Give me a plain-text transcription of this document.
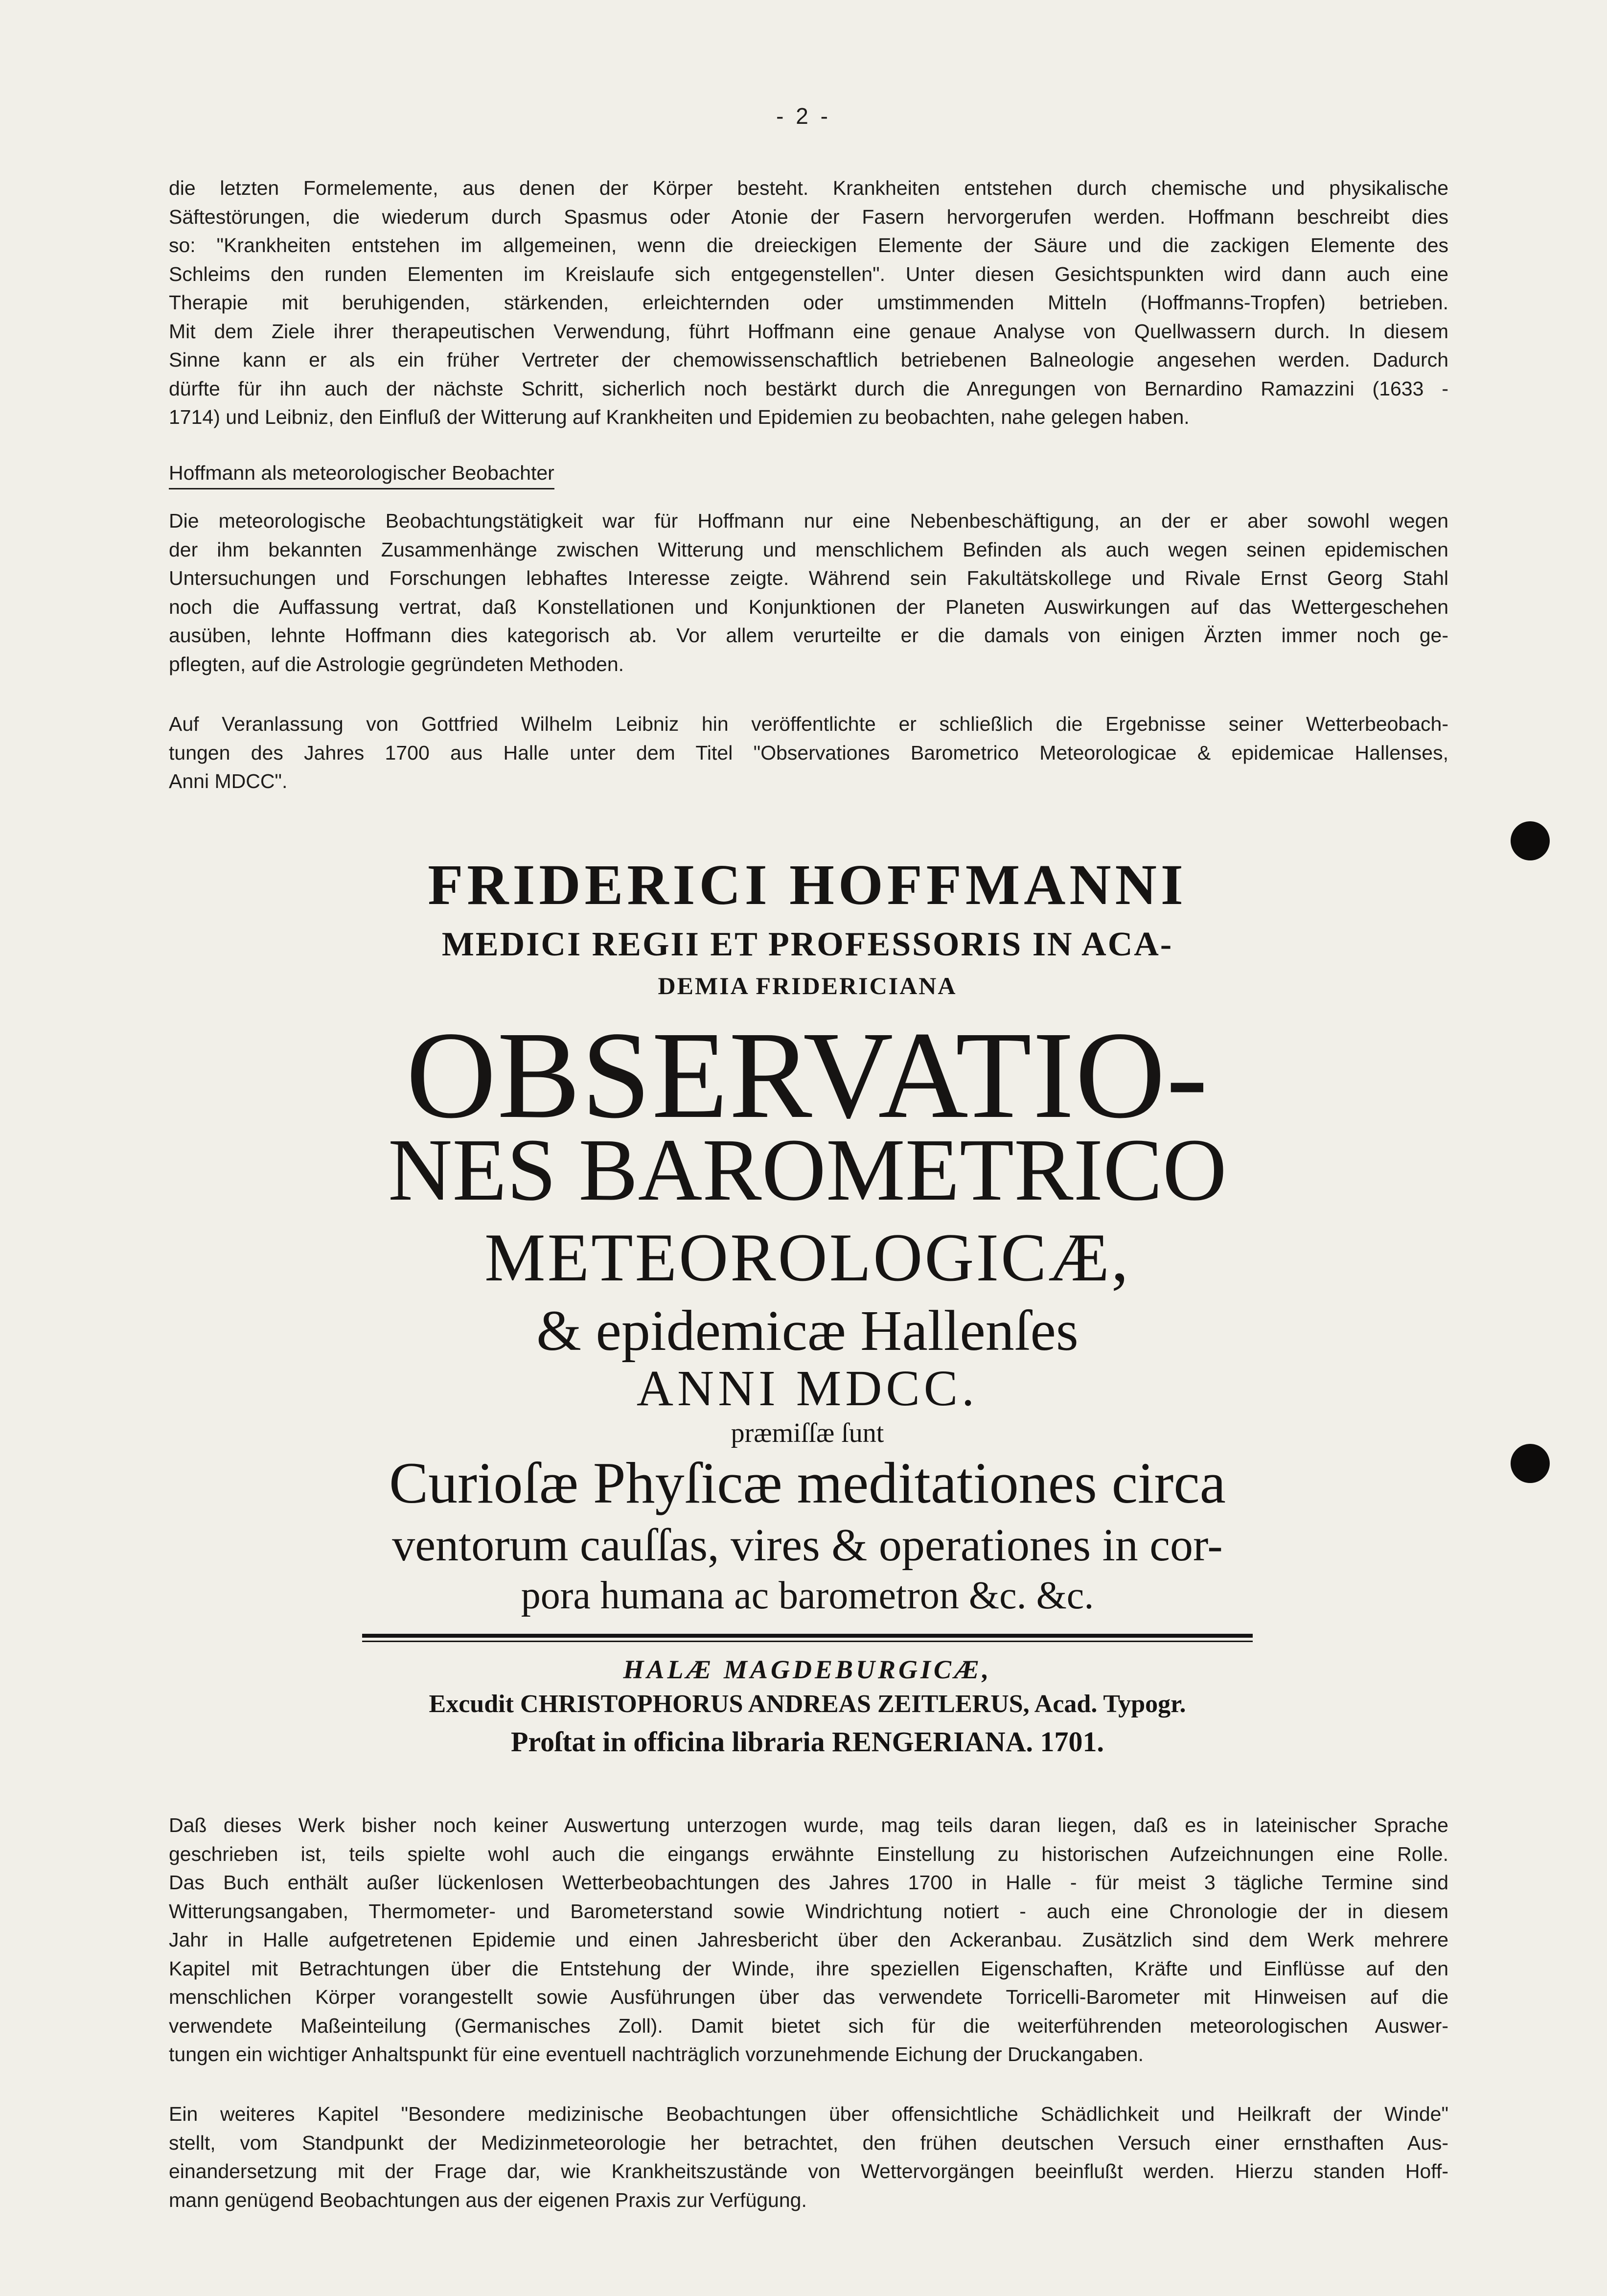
- 2 -
die letzten Formelemente, aus denen der Körper besteht. Krankheiten entstehen durch chemische und physikalische
Säftestörungen, die wiederum durch Spasmus oder Atonie der Fasern hervorgerufen werden. Hoffmann beschreibt dies
so: "Krankheiten entstehen im allgemeinen, wenn die dreieckigen Elemente der Säure und die zackigen Elemente des
Schleims den runden Elementen im Kreislaufe sich entgegenstellen". Unter diesen Gesichtspunkten wird dann auch eine
Therapie mit beruhigenden, stärkenden, erleichternden oder umstimmenden Mitteln (Hoffmanns-Tropfen) betrieben.
Mit dem Ziele ihrer therapeutischen Verwendung, führt Hoffmann eine genaue Analyse von Quellwassern durch. In diesem
Sinne kann er als ein früher Vertreter der chemowissenschaftlich betriebenen Balneologie angesehen werden. Dadurch
dürfte für ihn auch der nächste Schritt, sicherlich noch bestärkt durch die Anregungen von Bernardino Ramazzini (1633 -
1714) und Leibniz, den Einfluß der Witterung auf Krankheiten und Epidemien zu beobachten, nahe gelegen haben.
Hoffmann als meteorologischer Beobachter
Die meteorologische Beobachtungstätigkeit war für Hoffmann nur eine Nebenbeschäftigung, an der er aber sowohl wegen
der ihm bekannten Zusammenhänge zwischen Witterung und menschlichem Befinden als auch wegen seinen epidemischen
Untersuchungen und Forschungen lebhaftes Interesse zeigte. Während sein Fakultätskollege und Rivale Ernst Georg Stahl
noch die Auffassung vertrat, daß Konstellationen und Konjunktionen der Planeten Auswirkungen auf das Wettergeschehen
ausüben, lehnte Hoffmann dies kategorisch ab. Vor allem verurteilte er die damals von einigen Ärzten immer noch ge-
pflegten, auf die Astrologie gegründeten Methoden.
Auf Veranlassung von Gottfried Wilhelm Leibniz hin veröffentlichte er schließlich die Ergebnisse seiner Wetterbeobach-
tungen des Jahres 1700 aus Halle unter dem Titel "Observationes Barometrico Meteorologicae & epidemicae Hallenses,
Anni MDCC".
FRIDERICI HOFFMANNI
MEDICI REGII ET PROFESSORIS IN ACA-
DEMIA FRIDERICIANA
OBSERVATIO-
NES BAROMETRICO
METEOROLOGICÆ,
& epidemicæ Hallenſes
ANNI MDCC.
præmiſſæ ſunt
Curioſæ Phyſicæ meditationes circa
ventorum cauſſas, vires & operationes in cor-
pora humana ac barometron &c. &c.
HALÆ MAGDEBURGICÆ,
Excudit CHRISTOPHORUS ANDREAS ZEITLERUS, Acad. Typogr.
Proſtat in officina libraria RENGERIANA. 1701.
Daß dieses Werk bisher noch keiner Auswertung unterzogen wurde, mag teils daran liegen, daß es in lateinischer Sprache
geschrieben ist, teils spielte wohl auch die eingangs erwähnte Einstellung zu historischen Aufzeichnungen eine Rolle.
Das Buch enthält außer lückenlosen Wetterbeobachtungen des Jahres 1700 in Halle - für meist 3 tägliche Termine sind
Witterungsangaben, Thermometer- und Barometerstand sowie Windrichtung notiert - auch eine Chronologie der in diesem
Jahr in Halle aufgetretenen Epidemie und einen Jahresbericht über den Ackeranbau. Zusätzlich sind dem Werk mehrere
Kapitel mit Betrachtungen über die Entstehung der Winde, ihre speziellen Eigenschaften, Kräfte und Einflüsse auf den
menschlichen Körper vorangestellt sowie Ausführungen über das verwendete Torricelli-Barometer mit Hinweisen auf die
verwendete Maßeinteilung (Germanisches Zoll). Damit bietet sich für die weiterführenden meteorologischen Auswer-
tungen ein wichtiger Anhaltspunkt für eine eventuell nachträglich vorzunehmende Eichung der Druckangaben.
Ein weiteres Kapitel "Besondere medizinische Beobachtungen über offensichtliche Schädlichkeit und Heilkraft der Winde"
stellt, vom Standpunkt der Medizinmeteorologie her betrachtet, den frühen deutschen Versuch einer ernsthaften Aus-
einandersetzung mit der Frage dar, wie Krankheitszustände von Wettervorgängen beeinflußt werden. Hierzu standen Hoff-
mann genügend Beobachtungen aus der eigenen Praxis zur Verfügung.
